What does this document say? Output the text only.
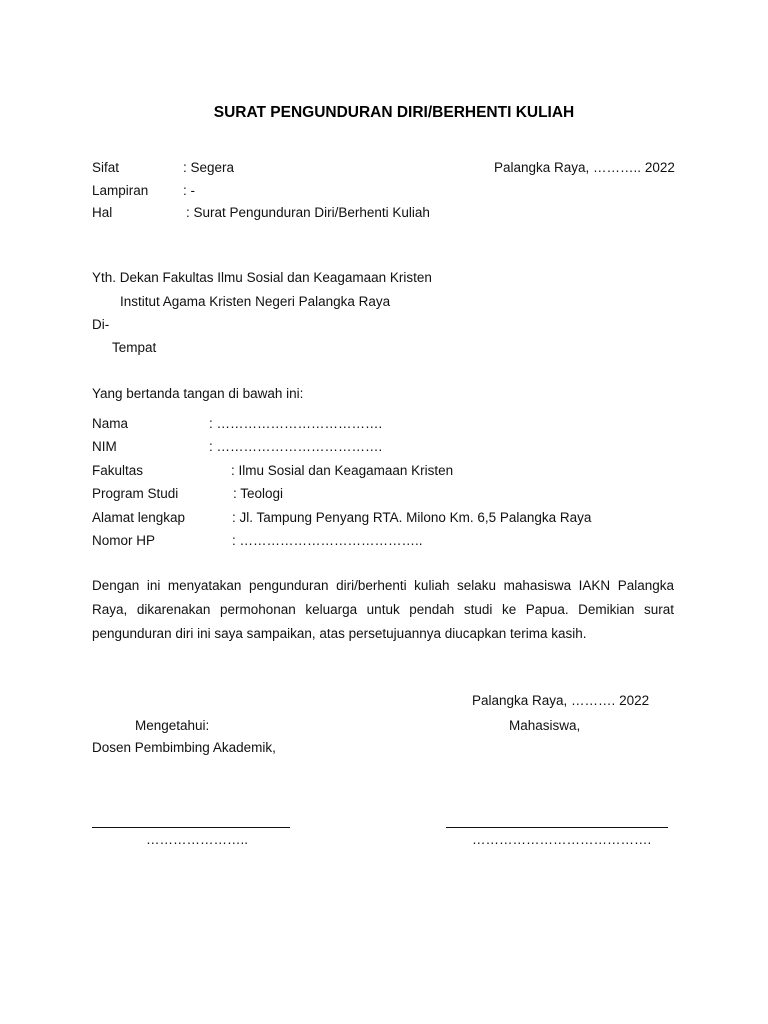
SURAT PENGUNDURAN DIRI/BERHENTI KULIAH
Sifat	: Segera	Palangka Raya, ……….. 2022
Lampiran	: -
Hal	: Surat Pengunduran Diri/Berhenti Kuliah
Yth. Dekan Fakultas Ilmu Sosial dan Keagamaan Kristen
Institut Agama Kristen Negeri Palangka Raya
Di-
Tempat
Yang bertanda tangan di bawah ini:
Nama	: ……………………………….
NIM	: ……………………………….
Fakultas	: Ilmu Sosial dan Keagamaan Kristen
Program Studi	: Teologi
Alamat lengkap	: Jl. Tampung Penyang RTA. Milono Km. 6,5 Palangka Raya
Nomor HP	: …………………………………..
Dengan ini menyatakan pengunduran diri/berhenti kuliah selaku mahasiswa IAKN Palangka Raya, dikarenakan permohonan keluarga untuk pendah studi ke Papua. Demikian surat pengunduran diri ini saya sampaikan, atas persetujuannya diucapkan terima kasih.
Palangka Raya, ………. 2022
Mengetahui:	Mahasiswa,
Dosen Pembimbing Akademik,
…………………..	………………………………….
